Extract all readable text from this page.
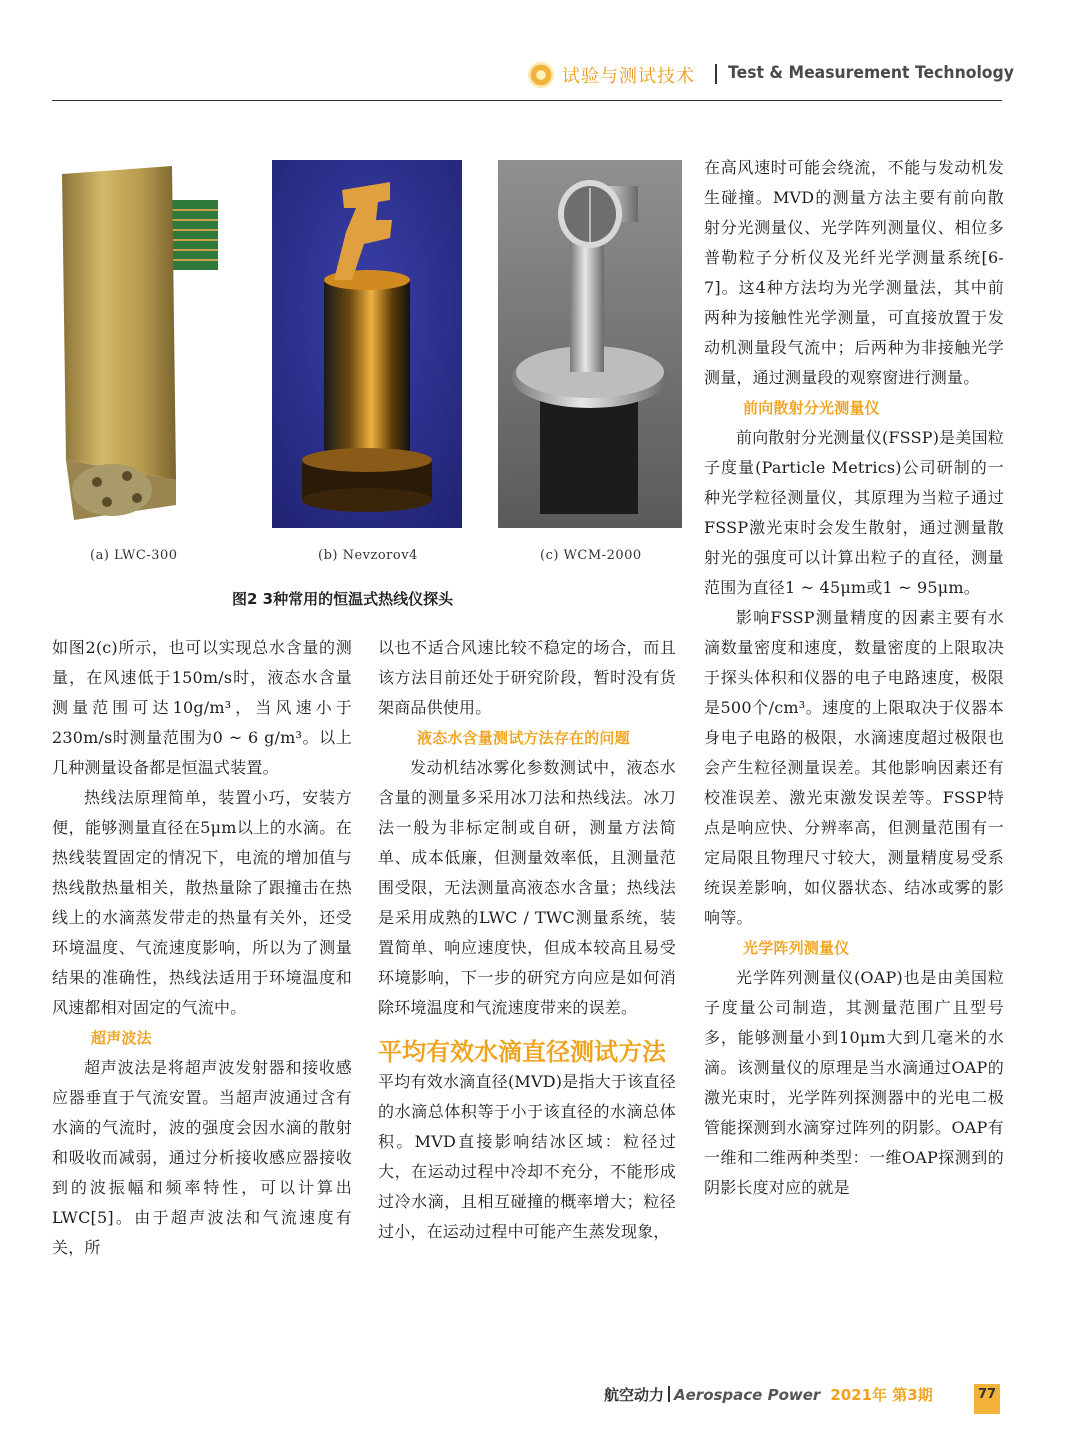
试验与测试技术 Test & Measurement Technology
(a) LWC-300	(b) Nevzorov4	(c) WCM-2000
图2 3种常用的恒温式热线仪探头

如图2(c)所示，也可以实现总水含量的测量，在风速低于150m/s时，液态水含量测量范围可达10g/m³，当风速小于230m/s时测量范围为0 ~ 6 g/m³。以上几种测量设备都是恒温式装置。

热线法原理简单，装置小巧，安装方便，能够测量直径在5μm以上的水滴。在热线装置固定的情况下，电流的增加值与热线散热量相关，散热量除了跟撞击在热线上的水滴蒸发带走的热量有关外，还受环境温度、气流速度影响，所以为了测量结果的准确性，热线法适用于环境温度和风速都相对固定的气流中。

超声波法

超声波法是将超声波发射器和接收感应器垂直于气流安置。当超声波通过含有水滴的气流时，波的强度会因水滴的散射和吸收而减弱，通过分析接收感应器接收到的波振幅和频率特性，可以计算出LWC[5]。由于超声波法和气流速度有关，所

以也不适合风速比较不稳定的场合，而且该方法目前还处于研究阶段，暂时没有货架商品供使用。

液态水含量测试方法存在的问题

发动机结冰雾化参数测试中，液态水含量的测量多采用冰刀法和热线法。冰刀法一般为非标定制或自研，测量方法简单、成本低廉，但测量效率低，且测量范围受限，无法测量高液态水含量；热线法是采用成熟的LWC / TWC测量系统，装置简单、响应速度快，但成本较高且易受环境影响，下一步的研究方向应是如何消除环境温度和气流速度带来的误差。

平均有效水滴直径测试方法

平均有效水滴直径(MVD)是指大于该直径的水滴总体积等于小于该直径的水滴总体积。MVD直接影响结冰区域：粒径过大，在运动过程中冷却不充分，不能形成过冷水滴，且相互碰撞的概率增大；粒径过小，在运动过程中可能产生蒸发现象，

在高风速时可能会绕流，不能与发动机发生碰撞。MVD的测量方法主要有前向散射分光测量仪、光学阵列测量仪、相位多普勒粒子分析仪及光纤光学测量系统[6-7]。这4种方法均为光学测量法，其中前两种为接触性光学测量，可直接放置于发动机测量段气流中；后两种为非接触光学测量，通过测量段的观察窗进行测量。

前向散射分光测量仪

前向散射分光测量仪(FSSP)是美国粒子度量(Particle Metrics)公司研制的一种光学粒径测量仪，其原理为当粒子通过FSSP激光束时会发生散射，通过测量散射光的强度可以计算出粒子的直径，测量范围为直径1 ~ 45μm或1 ~ 95μm。

影响FSSP测量精度的因素主要有水滴数量密度和速度，数量密度的上限取决于探头体积和仪器的电子电路速度，极限是500个/cm³。速度的上限取决于仪器本身电子电路的极限，水滴速度超过极限也会产生粒径测量误差。其他影响因素还有校准误差、激光束激发误差等。FSSP特点是响应快、分辨率高，但测量范围有一定局限且物理尺寸较大，测量精度易受系统误差影响，如仪器状态、结冰或雾的影响等。

光学阵列测量仪

光学阵列测量仪(OAP)也是由美国粒子度量公司制造，其测量范围广且型号多，能够测量小到10μm大到几毫米的水滴。该测量仪的原理是当水滴通过OAP的激光束时，光学阵列探测器中的光电二极管能探测到水滴穿过阵列的阴影。OAP有一维和二维两种类型：一维OAP探测到的阴影长度对应的就是

航空动力 Aerospace Power 2021年 第3期	77
